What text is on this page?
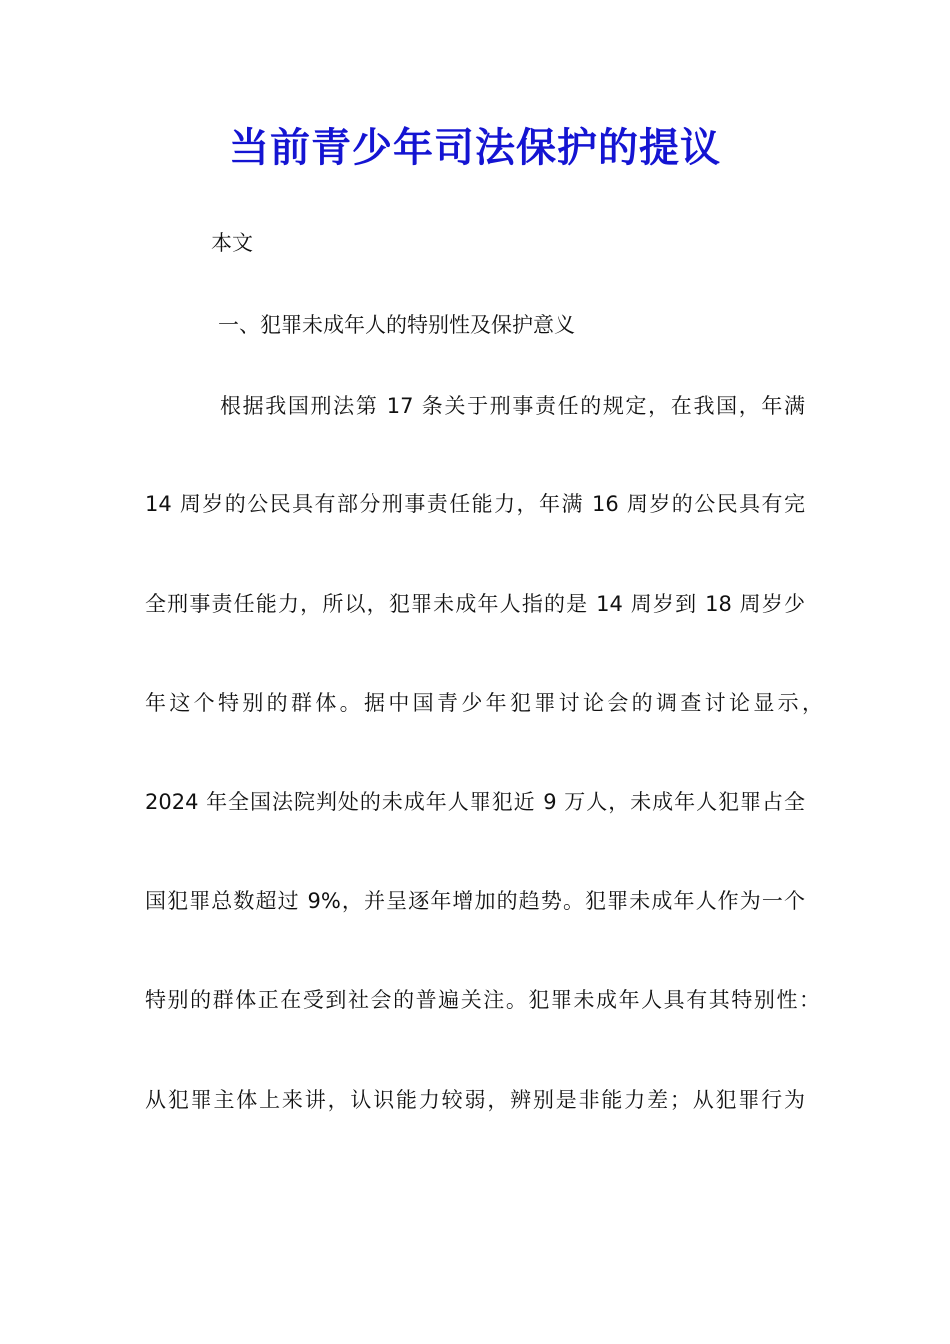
当前青少年司法保护的提议
本文
一、犯罪未成年人的特别性及保护意义
根据我国刑法第 17 条关于刑事责任的规定，在我国，年满
14 周岁的公民具有部分刑事责任能力，年满 16 周岁的公民具有完
全刑事责任能力，所以，犯罪未成年人指的是 14 周岁到 18 周岁少
年这个特别的群体。据中国青少年犯罪讨论会的调查讨论显示，
2024 年全国法院判处的未成年人罪犯近 9 万人，未成年人犯罪占全
国犯罪总数超过 9%，并呈逐年增加的趋势。犯罪未成年人作为一个
特别的群体正在受到社会的普遍关注。犯罪未成年人具有其特别性：
从犯罪主体上来讲，认识能力较弱，辨别是非能力差；从犯罪行为
